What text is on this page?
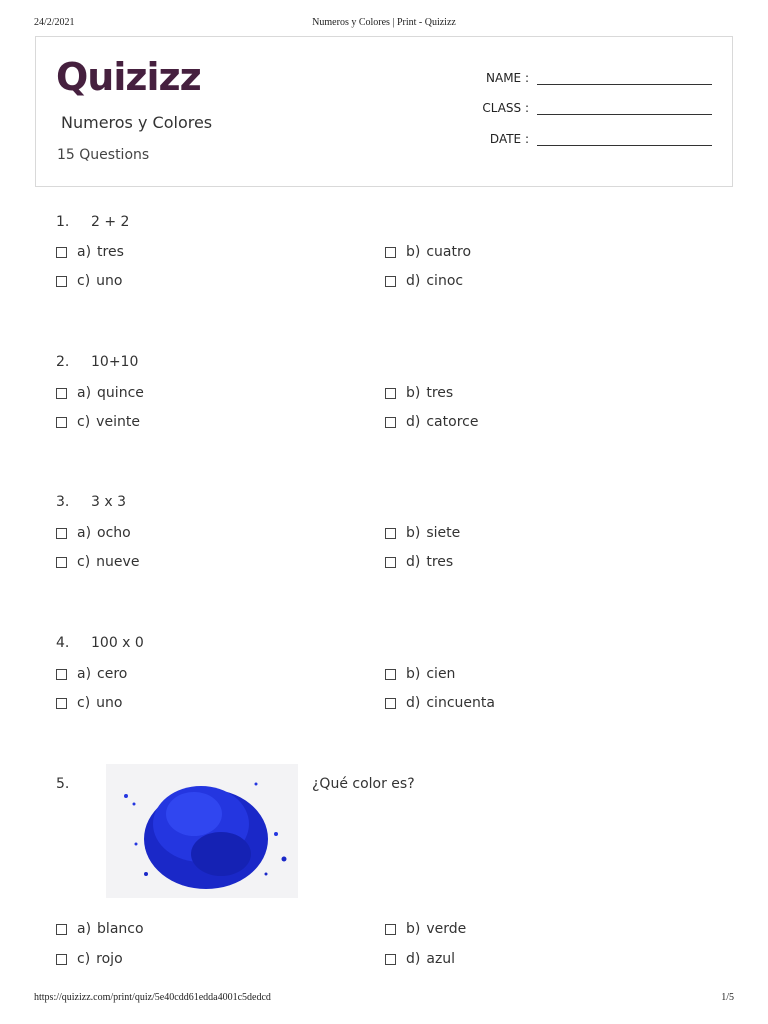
24/2/2021	Numeros y Colores | Print - Quizizz
Quizizz
Numeros y Colores
15 Questions
NAME :
CLASS :
DATE :
1. 2 + 2
a) tres	b) cuatro
c) uno	d) cinoc
2. 10+10
a) quince	b) tres
c) veinte	d) catorce
3. 3 x 3
a) ocho	b) siete
c) nueve	d) tres
4. 100 x 0
a) cero	b) cien
c) uno	d) cincuenta
5.	¿Qué color es?
a) blanco	b) verde
c) rojo	d) azul
https://quizizz.com/print/quiz/5e40cdd61edda4001c5dedcd	1/5
